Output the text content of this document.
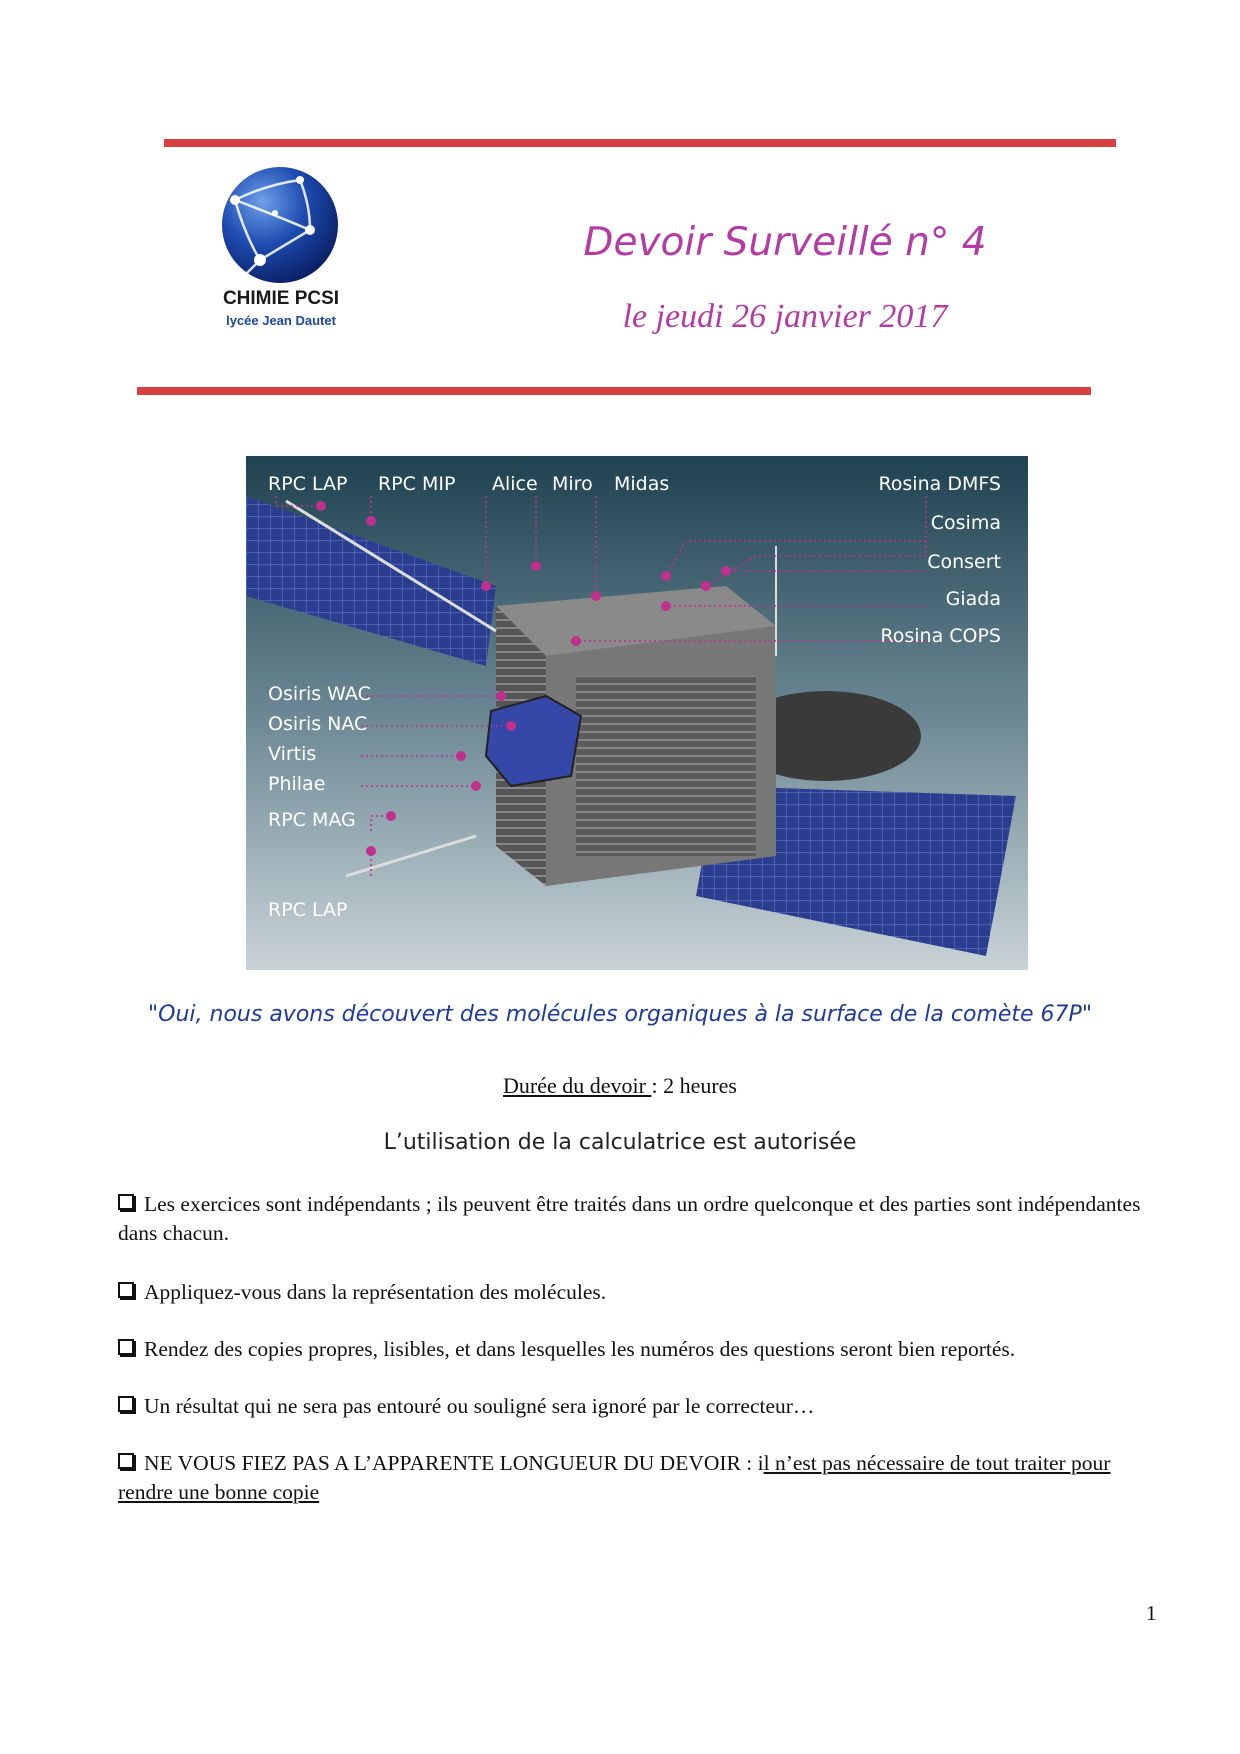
CHIMIE PCSI
lycée Jean Dautet
Devoir Surveillé n° 4
le jeudi 26 janvier 2017
RPC LAP RPC MIP Alice Miro Midas	Rosina DMFS
Cosima
Consert
Giada
Rosina COPS
Osiris WAC
Osiris NAC
Virtis
Philae
RPC MAG
RPC LAP
"Oui, nous avons découvert des molécules organiques à la surface de la comète 67P"
Durée du devoir : 2 heures
L’utilisation de la calculatrice est autorisée
Les exercices sont indépendants ; ils peuvent être traités dans un ordre quelconque et des parties sont indépendantes dans chacun.
Appliquez-vous dans la représentation des molécules.
Rendez des copies propres, lisibles, et dans lesquelles les numéros des questions seront bien reportés.
Un résultat qui ne sera pas entouré ou souligné sera ignoré par le correcteur…
NE VOUS FIEZ PAS A L’APPARENTE LONGUEUR DU DEVOIR : il n’est pas nécessaire de tout traiter pour rendre une bonne copie
1
